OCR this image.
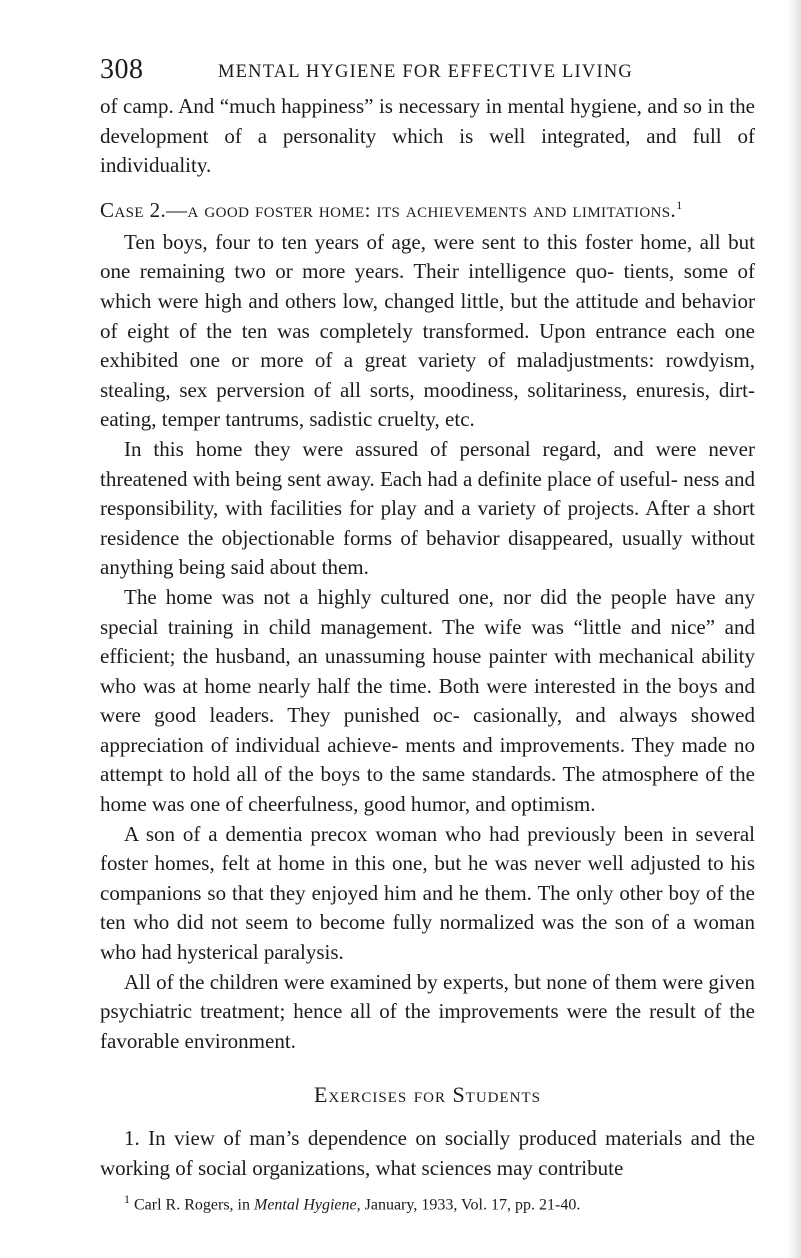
308	MENTAL HYGIENE FOR EFFECTIVE LIVING

of camp. And “much happiness” is necessary in mental hygiene, and so in the development of a personality which is well integrated, and full of individuality.

Case 2.—a good foster home: its achievements and limitations.$^1$

Ten boys, four to ten years of age, were sent to this foster home, all but one remaining two or more years. Their intelligence quo- tients, some of which were high and others low, changed little, but the attitude and behavior of eight of the ten was completely transformed. Upon entrance each one exhibited one or more of a great variety of maladjustments: rowdyism, stealing, sex perversion of all sorts, moodiness, solitariness, enuresis, dirt-eating, temper tantrums, sadistic cruelty, etc.

In this home they were assured of personal regard, and were never threatened with being sent away. Each had a definite place of useful- ness and responsibility, with facilities for play and a variety of projects. After a short residence the objectionable forms of behavior disappeared, usually without anything being said about them.

The home was not a highly cultured one, nor did the people have any special training in child management. The wife was “little and nice” and efficient; the husband, an unassuming house painter with mechanical ability who was at home nearly half the time. Both were interested in the boys and were good leaders. They punished oc- casionally, and always showed appreciation of individual achieve- ments and improvements. They made no attempt to hold all of the boys to the same standards. The atmosphere of the home was one of cheerfulness, good humor, and optimism.

A son of a dementia precox woman who had previously been in several foster homes, felt at home in this one, but he was never well adjusted to his companions so that they enjoyed him and he them. The only other boy of the ten who did not seem to become fully normalized was the son of a woman who had hysterical paralysis.

All of the children were examined by experts, but none of them were given psychiatric treatment; hence all of the improvements were the result of the favorable environment.

Exercises for Students

1. In view of man’s dependence on socially produced materials and the working of social organizations, what sciences may contribute

$^1$ Carl R. Rogers, in Mental Hygiene, January, 1933, Vol. 17, pp. 21-40.
